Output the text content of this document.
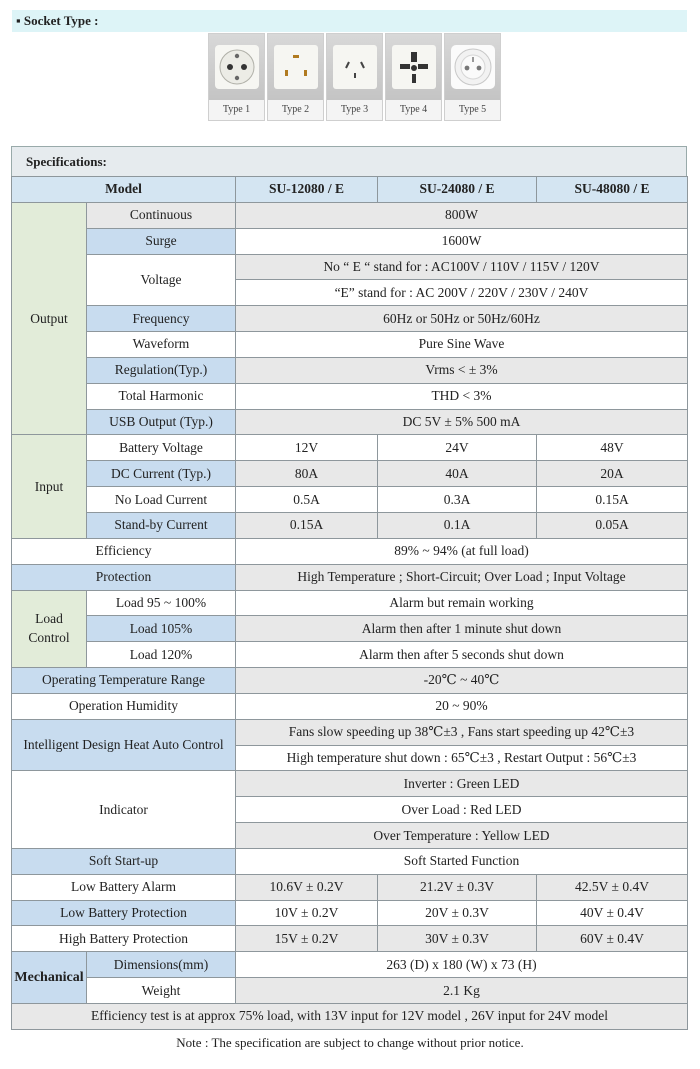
▪ Socket Type :
Type 1	Type 2	Type 3	Type 4	Type 5
Specifications:
Model		SU-12080 / E	SU-24080 / E	SU-48080 / E
Output	Continuous	800W		
	Surge	1600W		
	Voltage	No “ E “ stand for : AC100V / 110V / 115V / 120V		
		“E” stand for : AC 200V / 220V / 230V / 240V		
	Frequency	60Hz or 50Hz or 50Hz/60Hz		
	Waveform	Pure Sine Wave		
	Regulation(Typ.)	Vrms < ± 3%		
	Total Harmonic	THD < 3%		
	USB Output (Typ.)	DC 5V ± 5% 500 mA		
Input	Battery Voltage	12V	24V	48V
	DC Current (Typ.)	80A	40A	20A
	No Load Current	0.5A	0.3A	0.15A
	Stand-by Current	0.15A	0.1A	0.05A
Efficiency		89% ~ 94% (at full load)		
Protection		High Temperature ; Short-Circuit; Over Load ; Input Voltage		
Load Control	Load 95 ~ 100%	Alarm but remain working		
	Load 105%	Alarm then after 1 minute shut down		
	Load 120%	Alarm then after 5 seconds shut down		
Operating Temperature Range		-20℃ ~ 40℃		
Operation Humidity		20 ~ 90%		
Intelligent Design Heat Auto Control		Fans slow speeding up 38℃±3 , Fans start speeding up 42℃±3		
		High temperature shut down : 65℃±3 , Restart Output : 56℃±3		
Indicator		Inverter : Green LED		
		Over Load : Red LED		
		Over Temperature : Yellow LED		
Soft Start-up		Soft Started Function		
Low Battery Alarm		10.6V ± 0.2V	21.2V ± 0.3V	42.5V ± 0.4V
Low Battery Protection		10V ± 0.2V	20V ± 0.3V	40V ± 0.4V
High Battery Protection		15V ± 0.2V	30V ± 0.3V	60V ± 0.4V
Mechanical	Dimensions(mm)	263 (D) x 180 (W) x 73 (H)		
	Weight	2.1 Kg		
Efficiency test is at approx 75% load, with 13V input for 12V model , 26V input for 24V model				
Note : The specification are subject to change without prior notice.
